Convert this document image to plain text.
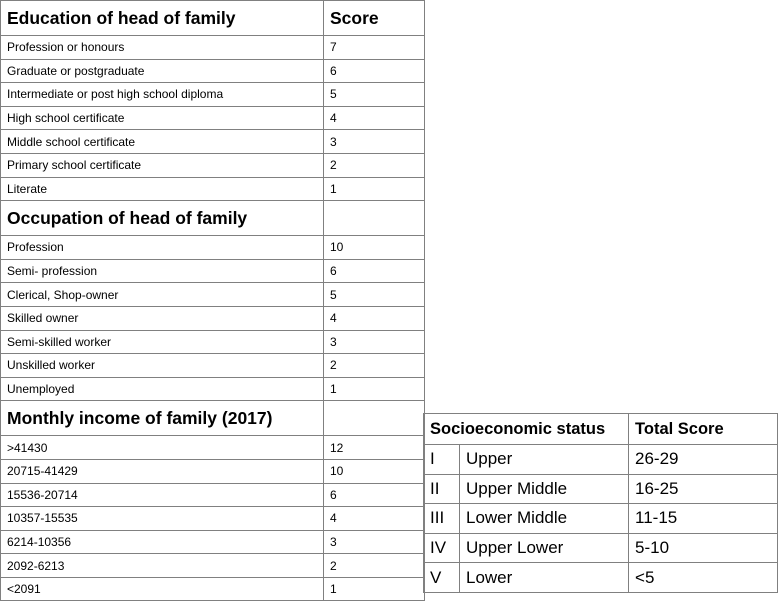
Education of head of family	Score
Profession or honours	7
Graduate or postgraduate	6
Intermediate or post high school diploma	5
High school certificate	4
Middle school certificate	3
Primary school certificate	2
Literate	1
Occupation of head of family	
Profession	10
Semi- profession	6
Clerical, Shop-owner	5
Skilled owner	4
Semi-skilled worker	3
Unskilled worker	2
Unemployed	1
Monthly income of family (2017)	
>41430	12
20715-41429	10
15536-20714	6
10357-15535	4
6214-10356	3
2092-6213	2
<2091	1
Socioeconomic status		Total Score
I	Upper	26-29
II	Upper Middle	16-25
III	Lower Middle	11-15
IV	Upper Lower	5-10
V	Lower	<5
